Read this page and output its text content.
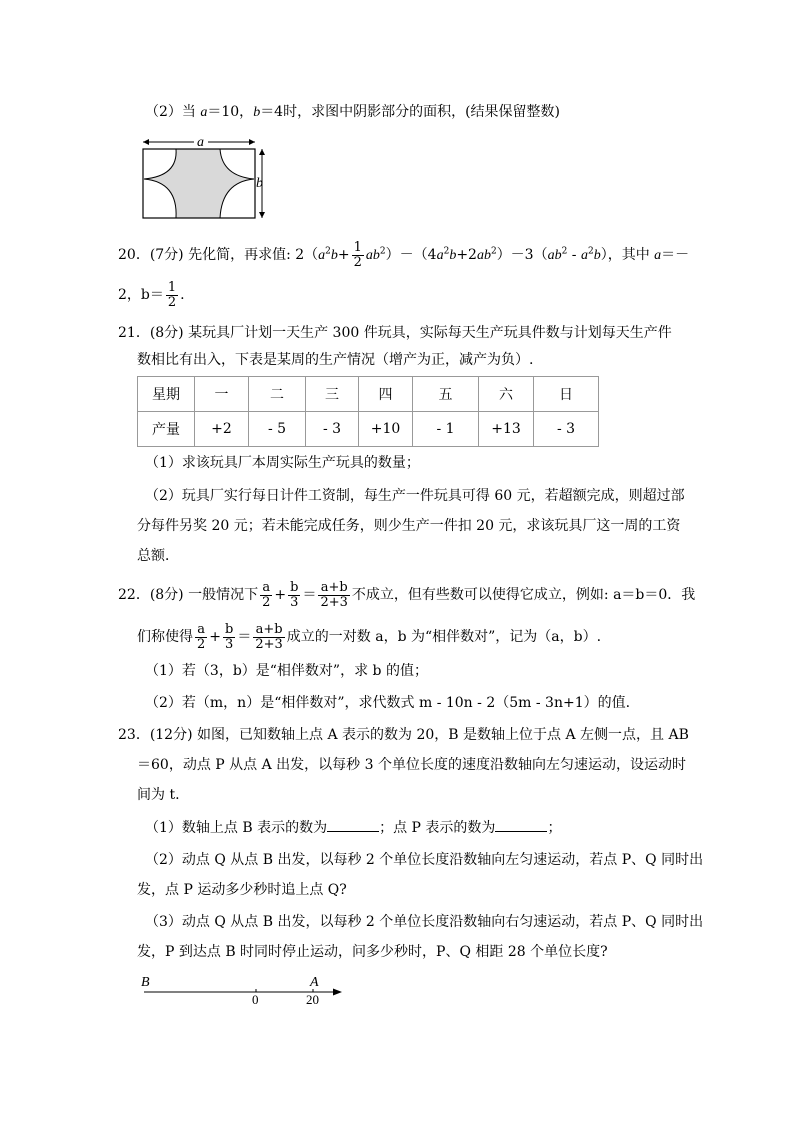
（2）当 a＝10，b＝4时，求图中阴影部分的面积，(结果保留整数)
a
b
20．(7分) 先化简，再求值: $2(a^2b+ \frac{1}{2} ab^2)-(4a^2b+2ab^2)-3(ab^2 - a^2b)$，其中 a＝－
2，$b= \frac{1}{2}$ .
21．(8分) 某玩具厂计划一天生产 300 件玩具，实际每天生产玩具件数与计划每天生产件
数相比有出入，下表是某周的生产情况（增产为正，减产为负）.
星期	一	二	三	四	五	六	日
产量	+2	- 5	- 3	+10	- 1	+13	- 3
（1）求该玩具厂本周实际生产玩具的数量；
（2）玩具厂实行每日计件工资制，每生产一件玩具可得 60 元，若超额完成，则超过部
分每件另奖 20 元；若未能完成任务，则少生产一件扣 20 元，求该玩具厂这一周的工资
总额．
22．(8分) 一般情况下 $\frac{a}{2} + \frac{b}{3} = \frac{a+b}{2+3}$ 不成立，但有些数可以使得它成立，例如: a＝b＝0．我
们称使得 $\frac{a}{2} + \frac{b}{3} = \frac{a+b}{2+3}$ 成立的一对数 a，b 为“相伴数对”，记为（a，b）.
（1）若（3，b）是“相伴数对”，求 b 的值；
（2）若（m，n）是“相伴数对”，求代数式 m - 10n - 2（5m - 3n+1）的值.
23．(12分) 如图，已知数轴上点 A 表示的数为 20，B 是数轴上位于点 A 左侧一点，且 AB
＝60，动点 P 从点 A 出发，以每秒 3 个单位长度的速度沿数轴向左匀速运动，设运动时
间为 t.
（1）数轴上点 B 表示的数为	；点 P 表示的数为	；
（2）动点 Q 从点 B 出发，以每秒 2 个单位长度沿数轴向左匀速运动，若点 P、Q 同时出
发，点 P 运动多少秒时追上点 Q?
（3）动点 Q 从点 B 出发，以每秒 2 个单位长度沿数轴向右匀速运动，若点 P、Q 同时出
发，P 到达点 B 时同时停止运动，问多少秒时，P、Q 相距 28 个单位长度?
B	A
0	20
